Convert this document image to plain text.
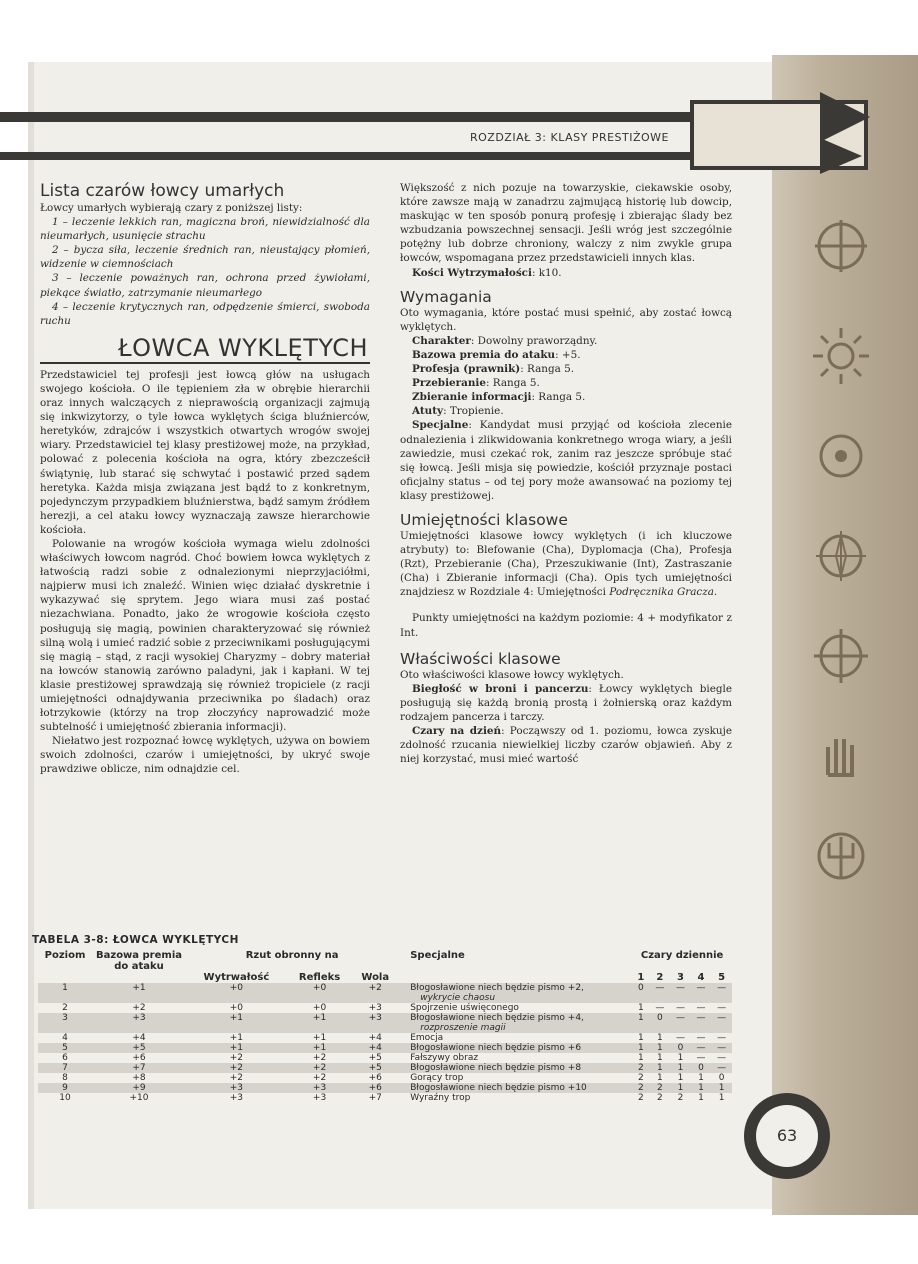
ROZDZIAŁ 3: KLASY PRESTIŻOWE
Lista czarów łowcy umarłych

Łowcy umarłych wybierają czary z poniższej listy:

1 – leczenie lekkich ran, magiczna broń, niewidzialność dla nieumarłych, usunięcie strachu

2 – bycza siła, leczenie średnich ran, nieustający płomień, widzenie w ciemnościach

3 – leczenie poważnych ran, ochrona przed żywiołami, piekące światło, zatrzymanie nieumarłego

4 – leczenie krytycznych ran, odpędzenie śmierci, swoboda ruchu

ŁOWCA WYKLĘTYCH

Przedstawiciel tej profesji jest łowcą głów na usługach swojego kościoła. O ile tępieniem zła w obrębie hierarchii oraz innych walczących z nieprawością organizacji zajmują się inkwizytorzy, o tyle łowca wyklętych ściga bluźnierców, heretyków, zdrajców i wszystkich otwartych wrogów swojej wiary. Przedstawiciel tej klasy prestiżowej może, na przykład, polować z polecenia kościoła na ogra, który zbezcześcił świątynię, lub starać się schwytać i postawić przed sądem heretyka. Każda misja związana jest bądź to z konkretnym, pojedynczym przypadkiem bluźnierstwa, bądź samym źródłem herezji, a cel ataku łowcy wyznaczają zawsze hierarchowie kościoła.

Polowanie na wrogów kościoła wymaga wielu zdolności właściwych łowcom nagród. Choć bowiem łowca wyklętych z łatwością radzi sobie z odnalezionymi nieprzyjaciółmi, najpierw musi ich znaleźć. Winien więc działać dyskretnie i wykazywać się sprytem. Jego wiara musi zaś postać niezachwiana. Ponadto, jako że wrogowie kościoła często posługują się magią, powinien charakteryzować się również silną wolą i umieć radzić sobie z przeciwnikami posługującymi się magią – stąd, z racji wysokiej Charyzmy – dobry materiał na łowców stanowią zarówno paladyni, jak i kapłani. W tej klasie prestiżowej sprawdzają się również tropiciele (z racji umiejętności odnajdywania przeciwnika po śladach) oraz łotrzykowie (którzy na trop złoczyńcy naprowadzić może subtelność i umiejętność zbierania informacji).

Niełatwo jest rozpoznać łowcę wyklętych, używa on bowiem swoich zdolności, czarów i umiejętności, by ukryć swoje prawdziwe oblicze, nim odnajdzie cel.

Większość z nich pozuje na towarzyskie, ciekawskie osoby, które zawsze mają w zanadrzu zajmującą historię lub dowcip, maskując w ten sposób ponurą profesję i zbierając ślady bez wzbudzania powszechnej sensacji. Jeśli wróg jest szczególnie potężny lub dobrze chroniony, walczy z nim zwykle grupa łowców, wspomagana przez przedstawicieli innych klas.

Kości Wytrzymałości: k10.

Wymagania

Oto wymagania, które postać musi spełnić, aby zostać łowcą wyklętych.

Charakter: Dowolny praworządny.

Bazowa premia do ataku: +5.

Profesja (prawnik): Ranga 5.

Przebieranie: Ranga 5.

Zbieranie informacji: Ranga 5.

Atuty: Tropienie.

Specjalne: Kandydat musi przyjąć od kościoła zlecenie odnalezienia i zlikwidowania konkretnego wroga wiary, a jeśli zawiedzie, musi czekać rok, zanim raz jeszcze spróbuje stać się łowcą. Jeśli misja się powiedzie, kościół przyznaje postaci oficjalny status – od tej pory może awansować na poziomy tej klasy prestiżowej.

Umiejętności klasowe

Umiejętności klasowe łowcy wyklętych (i ich kluczowe atrybuty) to: Blefowanie (Cha), Dyplomacja (Cha), Profesja (Rzt), Przebieranie (Cha), Przeszukiwanie (Int), Zastraszanie (Cha) i Zbieranie informacji (Cha). Opis tych umiejętności znajdziesz w Rozdziale 4: Umiejętności Podręcznika Gracza.

Punkty umiejętności na każdym poziomie: 4 + modyfikator z Int.

Właściwości klasowe

Oto właściwości klasowe łowcy wyklętych.

Biegłość w broni i pancerzu: Łowcy wyklętych biegle posługują się każdą bronią prostą i żołnierską oraz każdym rodzajem pancerza i tarczy.

Czary na dzień: Począwszy od 1. poziomu, łowca zyskuje zdolność rzucania niewielkiej liczby czarów objawień. Aby z niej korzystać, musi mieć wartość

TABELA 3-8: ŁOWCA WYKLĘTYCH
Poziom	Bazowa premia do ataku	Rzut obronny na			Specjalne	Czary dziennie				
		Wytrwałość	Refleks	Wola		1	2	3	4	5
1	+1	+0	+0	+2	Błogosławione niech będzie pismo +2,
wykrycie chaosu	0	—	—	—	—
2	+2	+0	+0	+3	Spojrzenie uświęconego	1	—	—	—	—
3	+3	+1	+1	+3	Błogosławione niech będzie pismo +4,
rozproszenie magii	1	0	—	—	—
4	+4	+1	+1	+4	Emocja	1	1	—	—	—
5	+5	+1	+1	+4	Błogosławione niech będzie pismo +6	1	1	0	—	—
6	+6	+2	+2	+5	Fałszywy obraz	1	1	1	—	—
7	+7	+2	+2	+5	Błogosławione niech będzie pismo +8	2	1	1	0	—
8	+8	+2	+2	+6	Gorący trop	2	1	1	1	0
9	+9	+3	+3	+6	Błogosławione niech będzie pismo +10	2	2	1	1	1
10	+10	+3	+3	+7	Wyraźny trop	2	2	2	1	1
63
